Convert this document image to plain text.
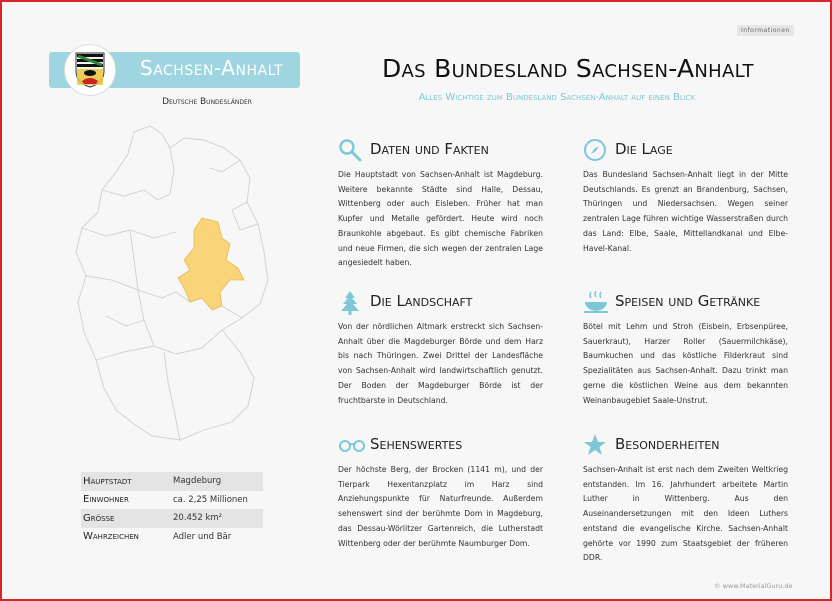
Informationen
Sachsen-Anhalt
Deutsche Bundesländer
Das Bundesland Sachsen-Anhalt
Alles Wichtige zum Bundesland Sachsen-Anhalt auf einen Blick
Hauptstadt	Magdeburg
Einwohner	ca. 2,25 Millionen
Größe	20.452 km²
Wahrzeichen	Adler und Bär
Daten und Fakten
Die Hauptstadt von Sachsen-Anhalt ist Magdeburg. Weitere bekannte Städte sind Halle, Dessau, Wittenberg oder auch Eisleben. Früher hat man Kupfer und Metalle gefördert. Heute wird noch Braunkohle abgebaut. Es gibt chemische Fabriken und neue Firmen, die sich wegen der zentralen Lage angesiedelt haben.
Die Lage
Das Bundesland Sachsen-Anhalt liegt in der Mitte Deutschlands. Es grenzt an Brandenburg, Sachsen, Thüringen und Niedersachsen. Wegen seiner zentralen Lage führen wichtige Wasserstraßen durch das Land: Elbe, Saale, Mittellandkanal und Elbe-Havel-Kanal.
Die Landschaft
Von der nördlichen Altmark erstreckt sich Sachsen-Anhalt über die Magdeburger Börde und dem Harz bis nach Thüringen. Zwei Drittel der Landesfläche von Sachsen-Anhalt wird landwirtschaftlich genutzt. Der Boden der Magdeburger Börde ist der fruchtbarste in Deutschland.
Speisen und Getränke
Bötel mit Lehm und Stroh (Eisbein, Erbsenpüree, Sauerkraut), Harzer Roller (Sauermilchkäse), Baumkuchen und das köstliche Filderkraut sind Spezialitäten aus Sachsen-Anhalt. Dazu trinkt man gerne die köstlichen Weine aus dem bekannten Weinanbaugebiet Saale-Unstrut.
Sehenswertes
Der höchste Berg, der Brocken (1141 m), und der Tierpark Hexentanzplatz im Harz sind Anziehungspunkte für Naturfreunde. Außerdem sehenswert sind der berühmte Dom in Magdeburg, das Dessau-Wörlitzer Gartenreich, die Lutherstadt Wittenberg oder der berühmte Naumburger Dom.
Besonderheiten
Sachsen-Anhalt ist erst nach dem Zweiten Weltkrieg entstanden. Im 16. Jahrhundert arbeitete Martin Luther in Wittenberg. Aus den Auseinandersetzungen mit den Ideen Luthers entstand die evangelische Kirche. Sachsen-Anhalt gehörte vor 1990 zum Staatsgebiet der früheren DDR.
© www.MaterialGuru.de
